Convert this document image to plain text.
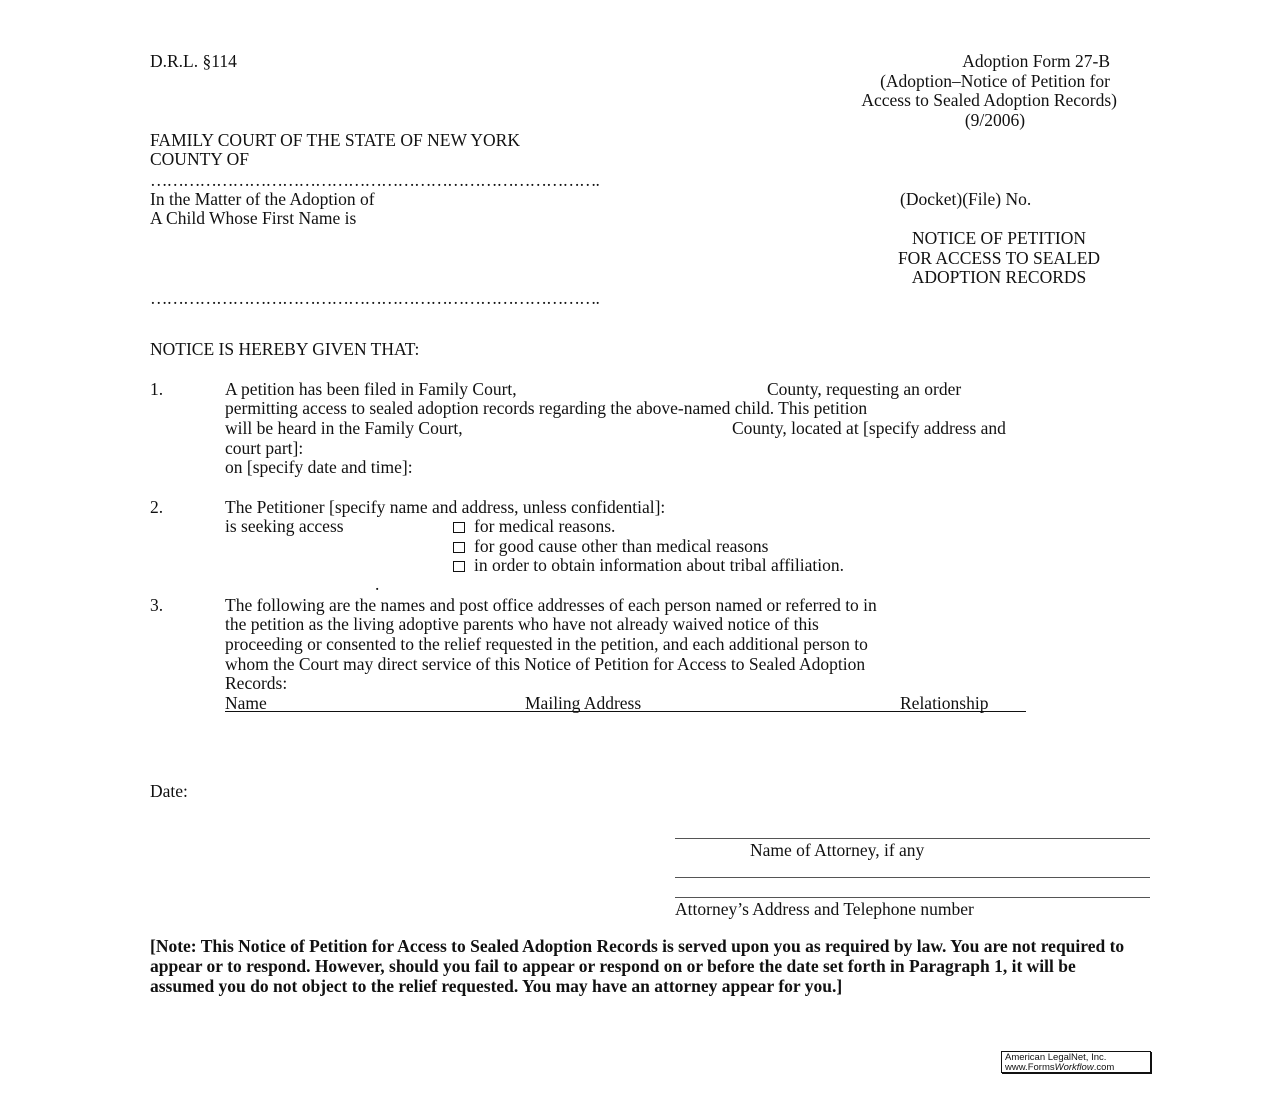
D.R.L. §114	Adoption Form 27-B
(Adoption–Notice of Petition for
Access to Sealed Adoption Records)
(9/2006)
FAMILY COURT OF THE STATE OF NEW YORK
COUNTY OF
……………………………………………………………………….
In the Matter of the Adoption of
A Child Whose First Name is
(Docket)(File) No.
NOTICE OF PETITION
FOR ACCESS TO SEALED
ADOPTION RECORDS
……………………………………………………………………….
NOTICE IS HEREBY GIVEN THAT:
1.	A petition has been filed in Family Court,	County, requesting an order
permitting access to sealed adoption records regarding the above-named child. This petition
will be heard in the Family Court,	County, located at [specify address and
court part]:
on [specify date and time]:
2.	The Petitioner [specify name and address, unless confidential]:
is seeking access	for medical reasons.
for good cause other than medical reasons
in order to obtain information about tribal affiliation.
.
3.	The following are the names and post office addresses of each person named or referred to in
the petition as the living adoptive parents who have not already waived notice of this
proceeding or consented to the relief requested in the petition, and each additional person to
whom the Court may direct service of this Notice of Petition for Access to Sealed Adoption
Records:
Name	Mailing Address	Relationship
Date:
Name of Attorney, if any
Attorney’s Address and Telephone number
[Note: This Notice of Petition for Access to Sealed Adoption Records is served upon you as required by law. You are not required to appear or to respond. However, should you fail to appear or respond on or before the date set forth in Paragraph 1, it will be assumed you do not object to the relief requested. You may have an attorney appear for you.]
American LegalNet, Inc.
www.FormsWorkflow.com
